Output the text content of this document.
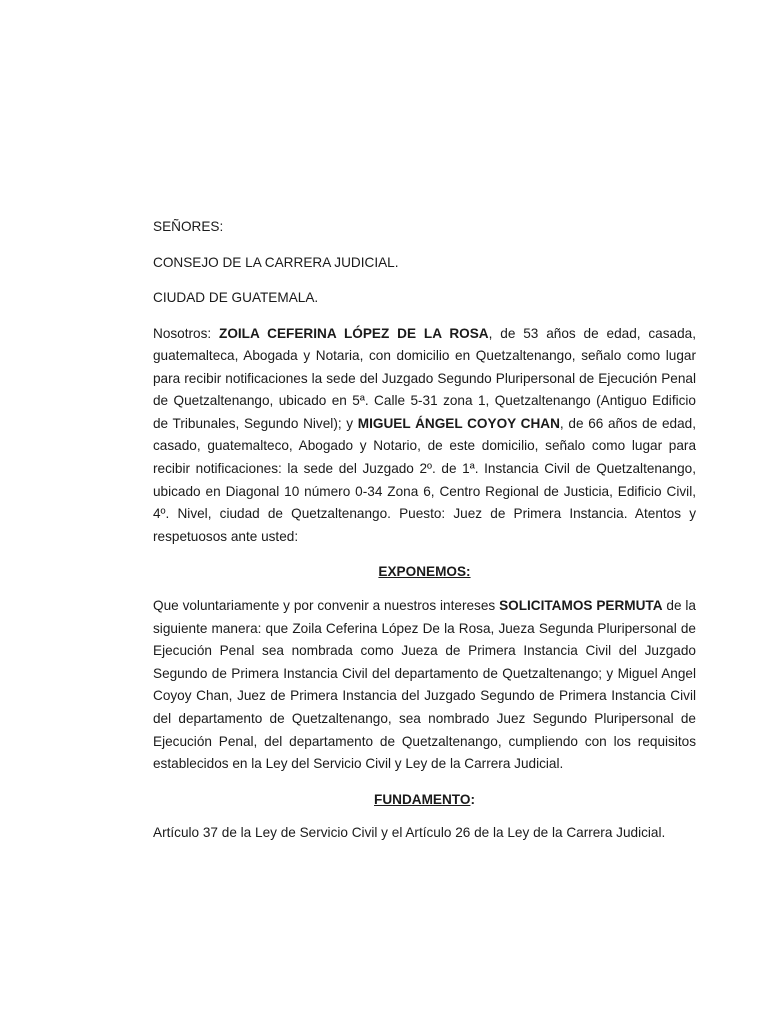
SEÑORES:

CONSEJO DE LA CARRERA JUDICIAL.

CIUDAD DE GUATEMALA.

Nosotros: ZOILA CEFERINA LÓPEZ DE LA ROSA, de 53 años de edad, casada, guatemalteca, Abogada y Notaria, con domicilio en Quetzaltenango, señalo como lugar para recibir notificaciones la sede del Juzgado Segundo Pluripersonal de Ejecución Penal de Quetzaltenango, ubicado en 5ª. Calle 5-31 zona 1, Quetzaltenango (Antiguo Edificio de Tribunales, Segundo Nivel); y MIGUEL ÁNGEL COYOY CHAN, de 66 años de edad, casado, guatemalteco, Abogado y Notario, de este domicilio, señalo como lugar para recibir notificaciones: la sede del Juzgado 2º. de 1ª. Instancia Civil de Quetzaltenango, ubicado en Diagonal 10 número 0-34 Zona 6, Centro Regional de Justicia, Edificio Civil, 4º. Nivel, ciudad de Quetzaltenango. Puesto: Juez de Primera Instancia. Atentos y respetuosos ante usted:

EXPONEMOS:

Que voluntariamente y por convenir a nuestros intereses SOLICITAMOS PERMUTA de la siguiente manera: que Zoila Ceferina López De la Rosa, Jueza Segunda Pluripersonal de Ejecución Penal sea nombrada como Jueza de Primera Instancia Civil del Juzgado Segundo de Primera Instancia Civil del departamento de Quetzaltenango; y Miguel Angel Coyoy Chan, Juez de Primera Instancia del Juzgado Segundo de Primera Instancia Civil del departamento de Quetzaltenango, sea nombrado Juez Segundo Pluripersonal de Ejecución Penal, del departamento de Quetzaltenango, cumpliendo con los requisitos establecidos en la Ley del Servicio Civil y Ley de la Carrera Judicial.

FUNDAMENTO:

Artículo 37 de la Ley de Servicio Civil y el Artículo 26 de la Ley de la Carrera Judicial.
